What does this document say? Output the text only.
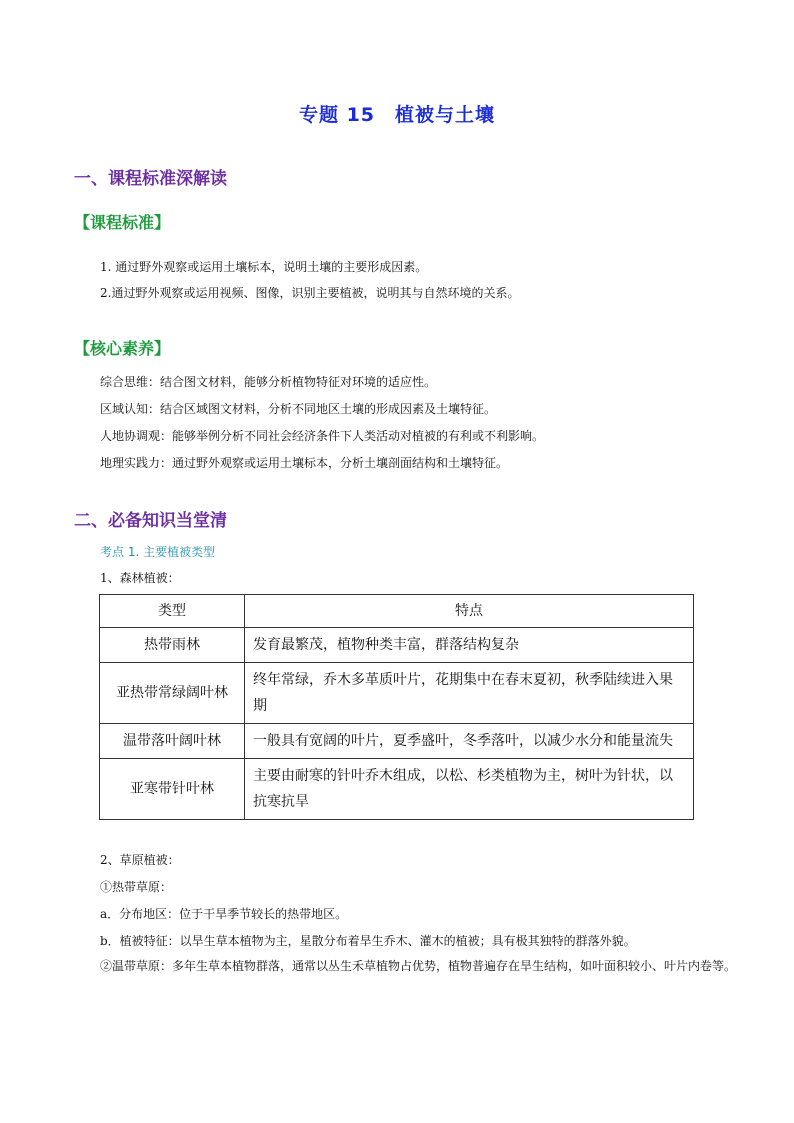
专题 15　植被与土壤
一、课程标准深解读
【课程标准】
1. 通过野外观察或运用土壤标本，说明土壤的主要形成因素。
2.通过野外观察或运用视频、图像，识别主要植被，说明其与自然环境的关系。
【核心素养】
综合思维：结合图文材料，能够分析植物特征对环境的适应性。
区域认知：结合区域图文材料，分析不同地区土壤的形成因素及土壤特征。
人地协调观：能够举例分析不同社会经济条件下人类活动对植被的有利或不利影响。
地理实践力：通过野外观察或运用土壤标本，分析土壤剖面结构和土壤特征。
二、必备知识当堂清
考点 1. 主要植被类型
1、森林植被：
类型	特点
热带雨林	发育最繁茂，植物种类丰富，群落结构复杂
亚热带常绿阔叶林	终年常绿，乔木多革质叶片，花期集中在春末夏初，秋季陆续进入果期
温带落叶阔叶林	一般具有宽阔的叶片，夏季盛叶，冬季落叶，以减少水分和能量流失
亚寒带针叶林	主要由耐寒的针叶乔木组成，以松、杉类植物为主，树叶为针状，以抗寒抗旱
2、草原植被：
①热带草原：
a．分布地区：位于干旱季节较长的热带地区。
b．植被特征：以旱生草本植物为主，星散分布着旱生乔木、灌木的植被；具有极其独特的群落外貌。
②温带草原：多年生草本植物群落，通常以丛生禾草植物占优势，植物普遍存在旱生结构，如叶面积较小、叶片内卷等。
